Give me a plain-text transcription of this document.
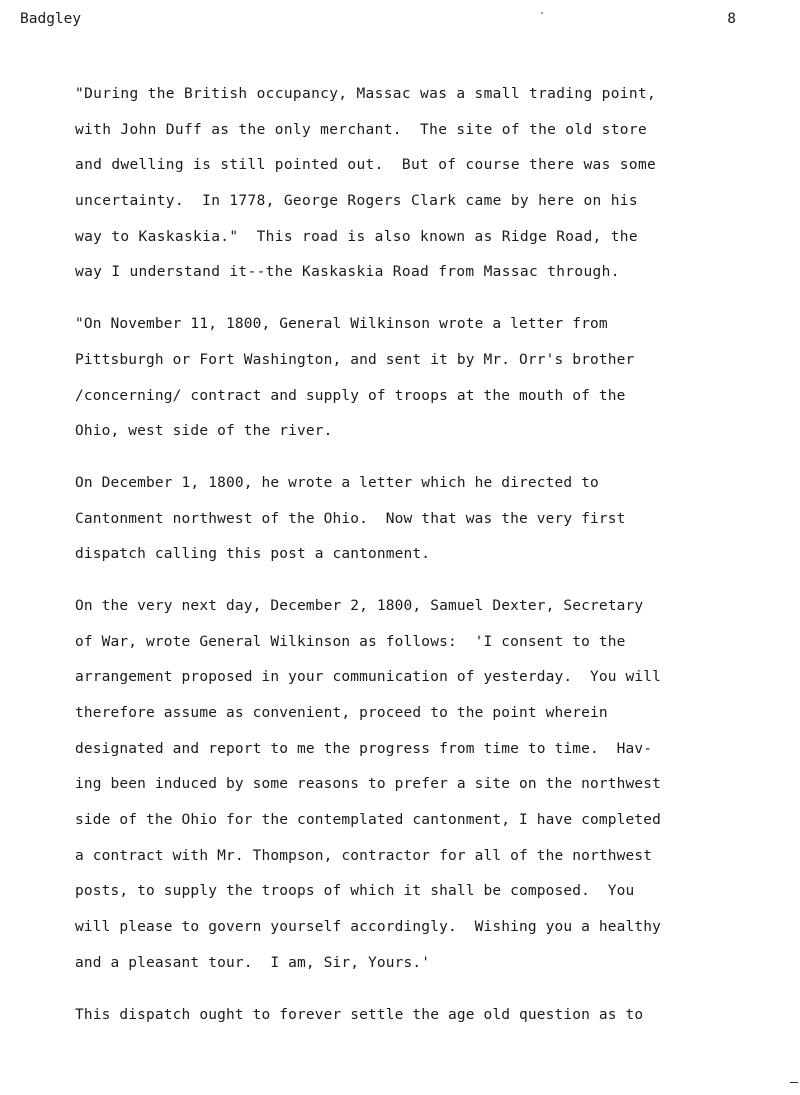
Badgley	8
"During the British occupancy, Massac was a small trading point,
with John Duff as the only merchant.  The site of the old store
and dwelling is still pointed out.  But of course there was some
uncertainty.  In 1778, George Rogers Clark came by here on his
way to Kaskaskia."  This road is also known as Ridge Road, the
way I understand it--the Kaskaskia Road from Massac through.
"On November 11, 1800, General Wilkinson wrote a letter from
Pittsburgh or Fort Washington, and sent it by Mr. Orr's brother
/concerning/ contract and supply of troops at the mouth of the
Ohio, west side of the river.
On December 1, 1800, he wrote a letter which he directed to
Cantonment northwest of the Ohio.  Now that was the very first
dispatch calling this post a cantonment.
On the very next day, December 2, 1800, Samuel Dexter, Secretary
of War, wrote General Wilkinson as follows:  'I consent to the
arrangement proposed in your communication of yesterday.  You will
therefore assume as convenient, proceed to the point wherein
designated and report to me the progress from time to time.  Hav-
ing been induced by some reasons to prefer a site on the northwest
side of the Ohio for the contemplated cantonment, I have completed
a contract with Mr. Thompson, contractor for all of the northwest
posts, to supply the troops of which it shall be composed.  You
will please to govern yourself accordingly.  Wishing you a healthy
and a pleasant tour.  I am, Sir, Yours.'
This dispatch ought to forever settle the age old question as to
